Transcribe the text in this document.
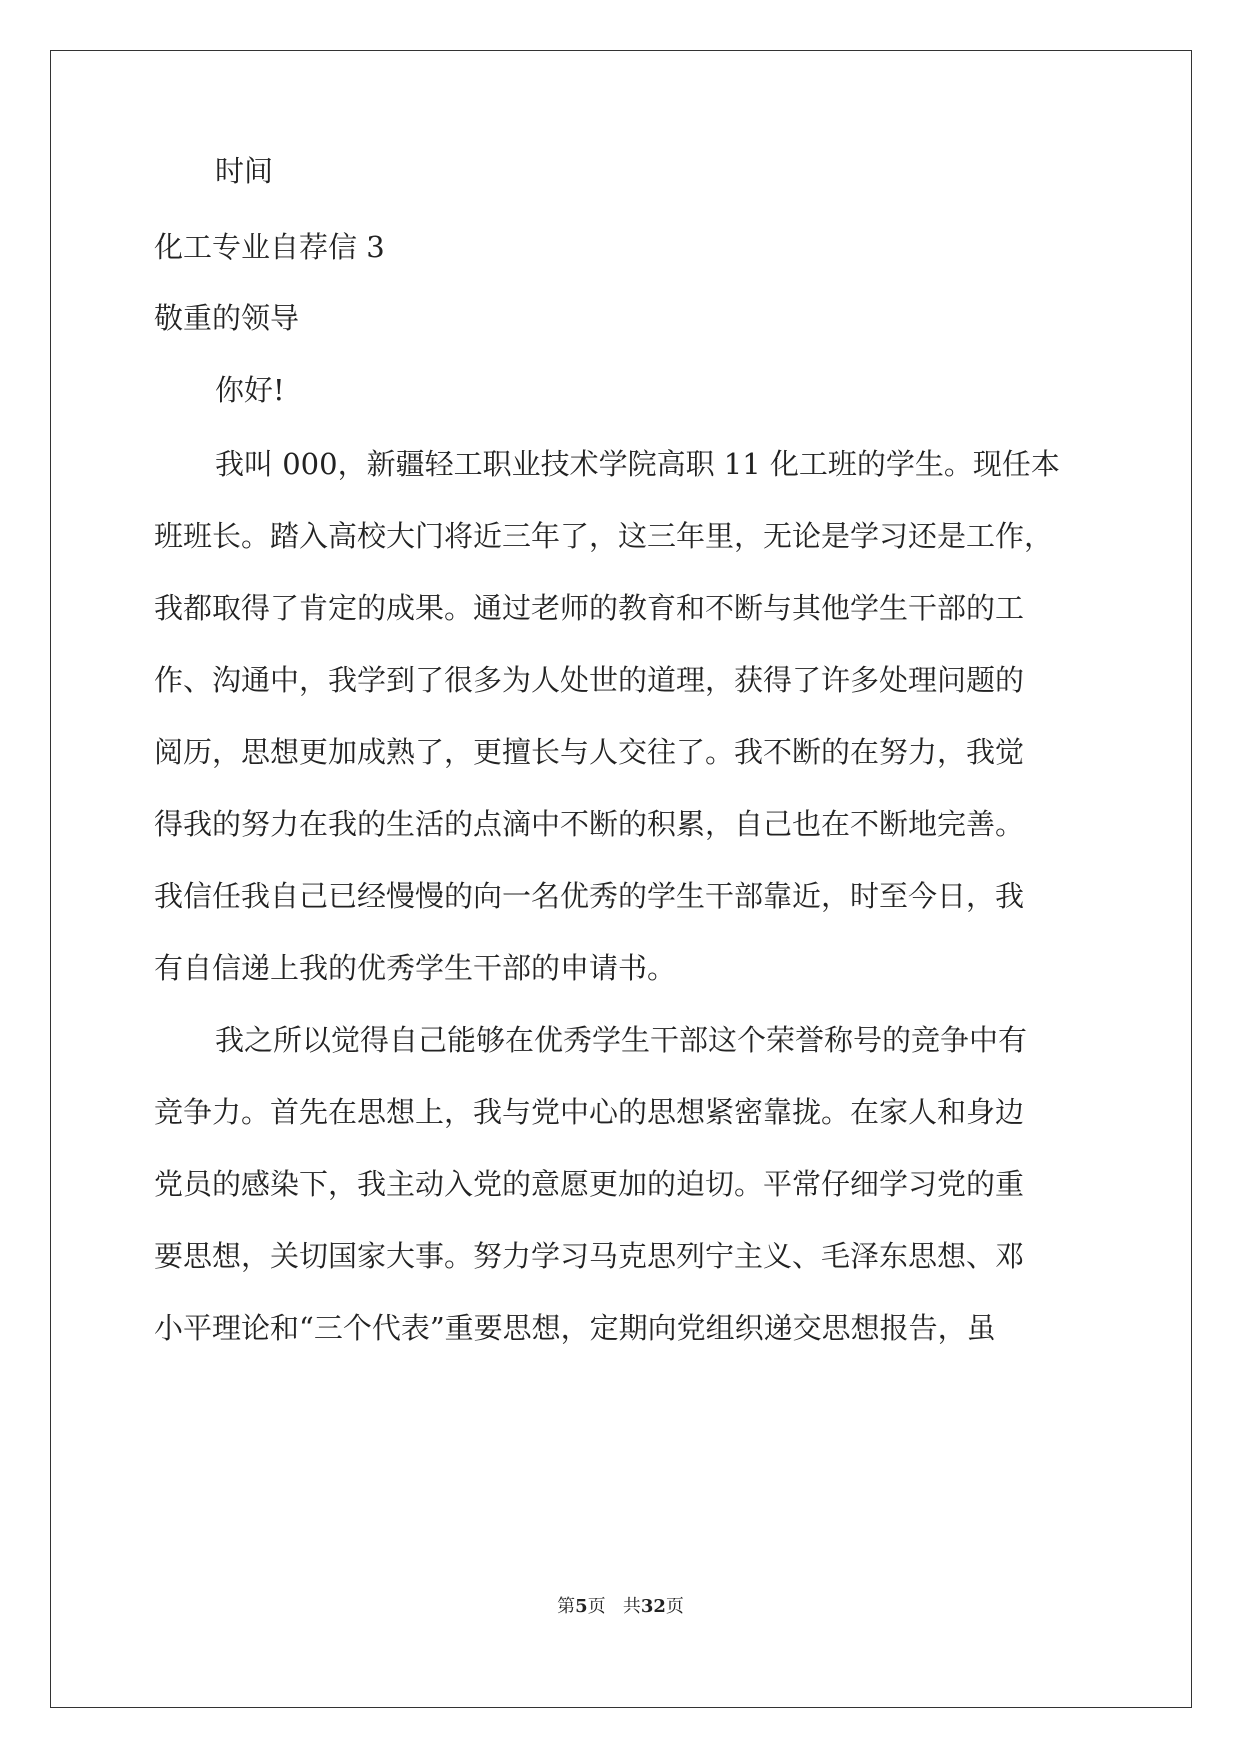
时间
化工专业自荐信 3
敬重的领导
你好!
我叫 000，新疆轻工职业技术学院高职 11 化工班的学生。现任本
班班长。踏入高校大门将近三年了，这三年里，无论是学习还是工作，
我都取得了肯定的成果。通过老师的教育和不断与其他学生干部的工
作、沟通中，我学到了很多为人处世的道理，获得了许多处理问题的
阅历，思想更加成熟了，更擅长与人交往了。我不断的在努力，我觉
得我的努力在我的生活的点滴中不断的积累，自己也在不断地完善。
我信任我自己已经慢慢的向一名优秀的学生干部靠近，时至今日，我
有自信递上我的优秀学生干部的申请书。
我之所以觉得自己能够在优秀学生干部这个荣誉称号的竞争中有
竞争力。首先在思想上，我与党中心的思想紧密靠拢。在家人和身边
党员的感染下，我主动入党的意愿更加的迫切。平常仔细学习党的重
要思想，关切国家大事。努力学习马克思列宁主义、毛泽东思想、邓
小平理论和“三个代表”重要思想，定期向党组织递交思想报告，虽
第5页 共32页
